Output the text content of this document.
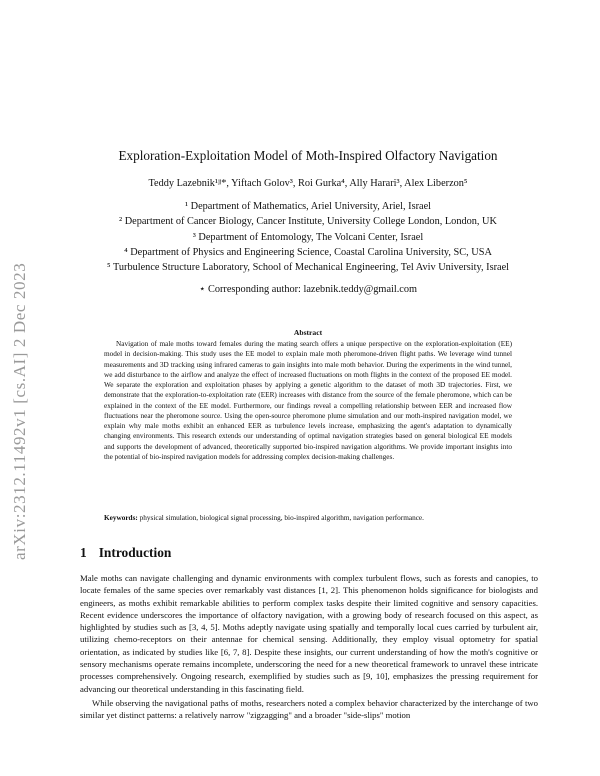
arXiv:2312.11492v1 [cs.AI] 2 Dec 2023
Exploration-Exploitation Model of Moth-Inspired Olfactory Navigation
Teddy Lazebnik¹ʲʲ*, Yiftach Golov³, Roi Gurka⁴, Ally Harari³, Alex Liberzon⁵
¹ Department of Mathematics, Ariel University, Ariel, Israel
² Department of Cancer Biology, Cancer Institute, University College London, London, UK
³ Department of Entomology, The Volcani Center, Israel
⁴ Department of Physics and Engineering Science, Coastal Carolina University, SC, USA
⁵ Turbulence Structure Laboratory, School of Mechanical Engineering, Tel Aviv University, Israel
⋆ Corresponding author: lazebnik.teddy@gmail.com
Abstract
Navigation of male moths toward females during the mating search offers a unique perspective on the exploration-exploitation (EE) model in decision-making. This study uses the EE model to explain male moth pheromone-driven flight paths. We leverage wind tunnel measurements and 3D tracking using infrared cameras to gain insights into male moth behavior. During the experiments in the wind tunnel, we add disturbance to the airflow and analyze the effect of increased fluctuations on moth flights in the context of the proposed EE model. We separate the exploration and exploitation phases by applying a genetic algorithm to the dataset of moth 3D trajectories. First, we demonstrate that the exploration-to-exploitation rate (EER) increases with distance from the source of the female pheromone, which can be explained in the context of the EE model. Furthermore, our findings reveal a compelling relationship between EER and increased flow fluctuations near the pheromone source. Using the open-source pheromone plume simulation and our moth-inspired navigation model, we explain why male moths exhibit an enhanced EER as turbulence levels increase, emphasizing the agent's adaptation to dynamically changing environments. This research extends our understanding of optimal navigation strategies based on general biological EE models and supports the development of advanced, theoretically supported bio-inspired navigation algorithms. We provide important insights into the potential of bio-inspired navigation models for addressing complex decision-making challenges.
Keywords: physical simulation, biological signal processing, bio-inspired algorithm, navigation performance.
1 Introduction

Male moths can navigate challenging and dynamic environments with complex turbulent flows, such as forests and canopies, to locate females of the same species over remarkably vast distances [1, 2]. This phenomenon holds significance for biologists and engineers, as moths exhibit remarkable abilities to perform complex tasks despite their limited cognitive and sensory capacities. Recent evidence underscores the importance of olfactory navigation, with a growing body of research focused on this aspect, as highlighted by studies such as [3, 4, 5]. Moths adeptly navigate using spatially and temporally local cues carried by turbulent air, utilizing chemo-receptors on their antennae for chemical sensing. Additionally, they employ visual optometry for spatial orientation, as indicated by studies like [6, 7, 8]. Despite these insights, our current understanding of how the moth's cognitive or sensory mechanisms operate remains incomplete, underscoring the need for a new theoretical framework to unravel these intricate processes comprehensively. Ongoing research, exemplified by studies such as [9, 10], emphasizes the pressing requirement for advancing our theoretical understanding in this fascinating field.

While observing the navigational paths of moths, researchers noted a complex behavior characterized by the interchange of two similar yet distinct patterns: a relatively narrow "zigzagging" and a broader "side-slips" motion
